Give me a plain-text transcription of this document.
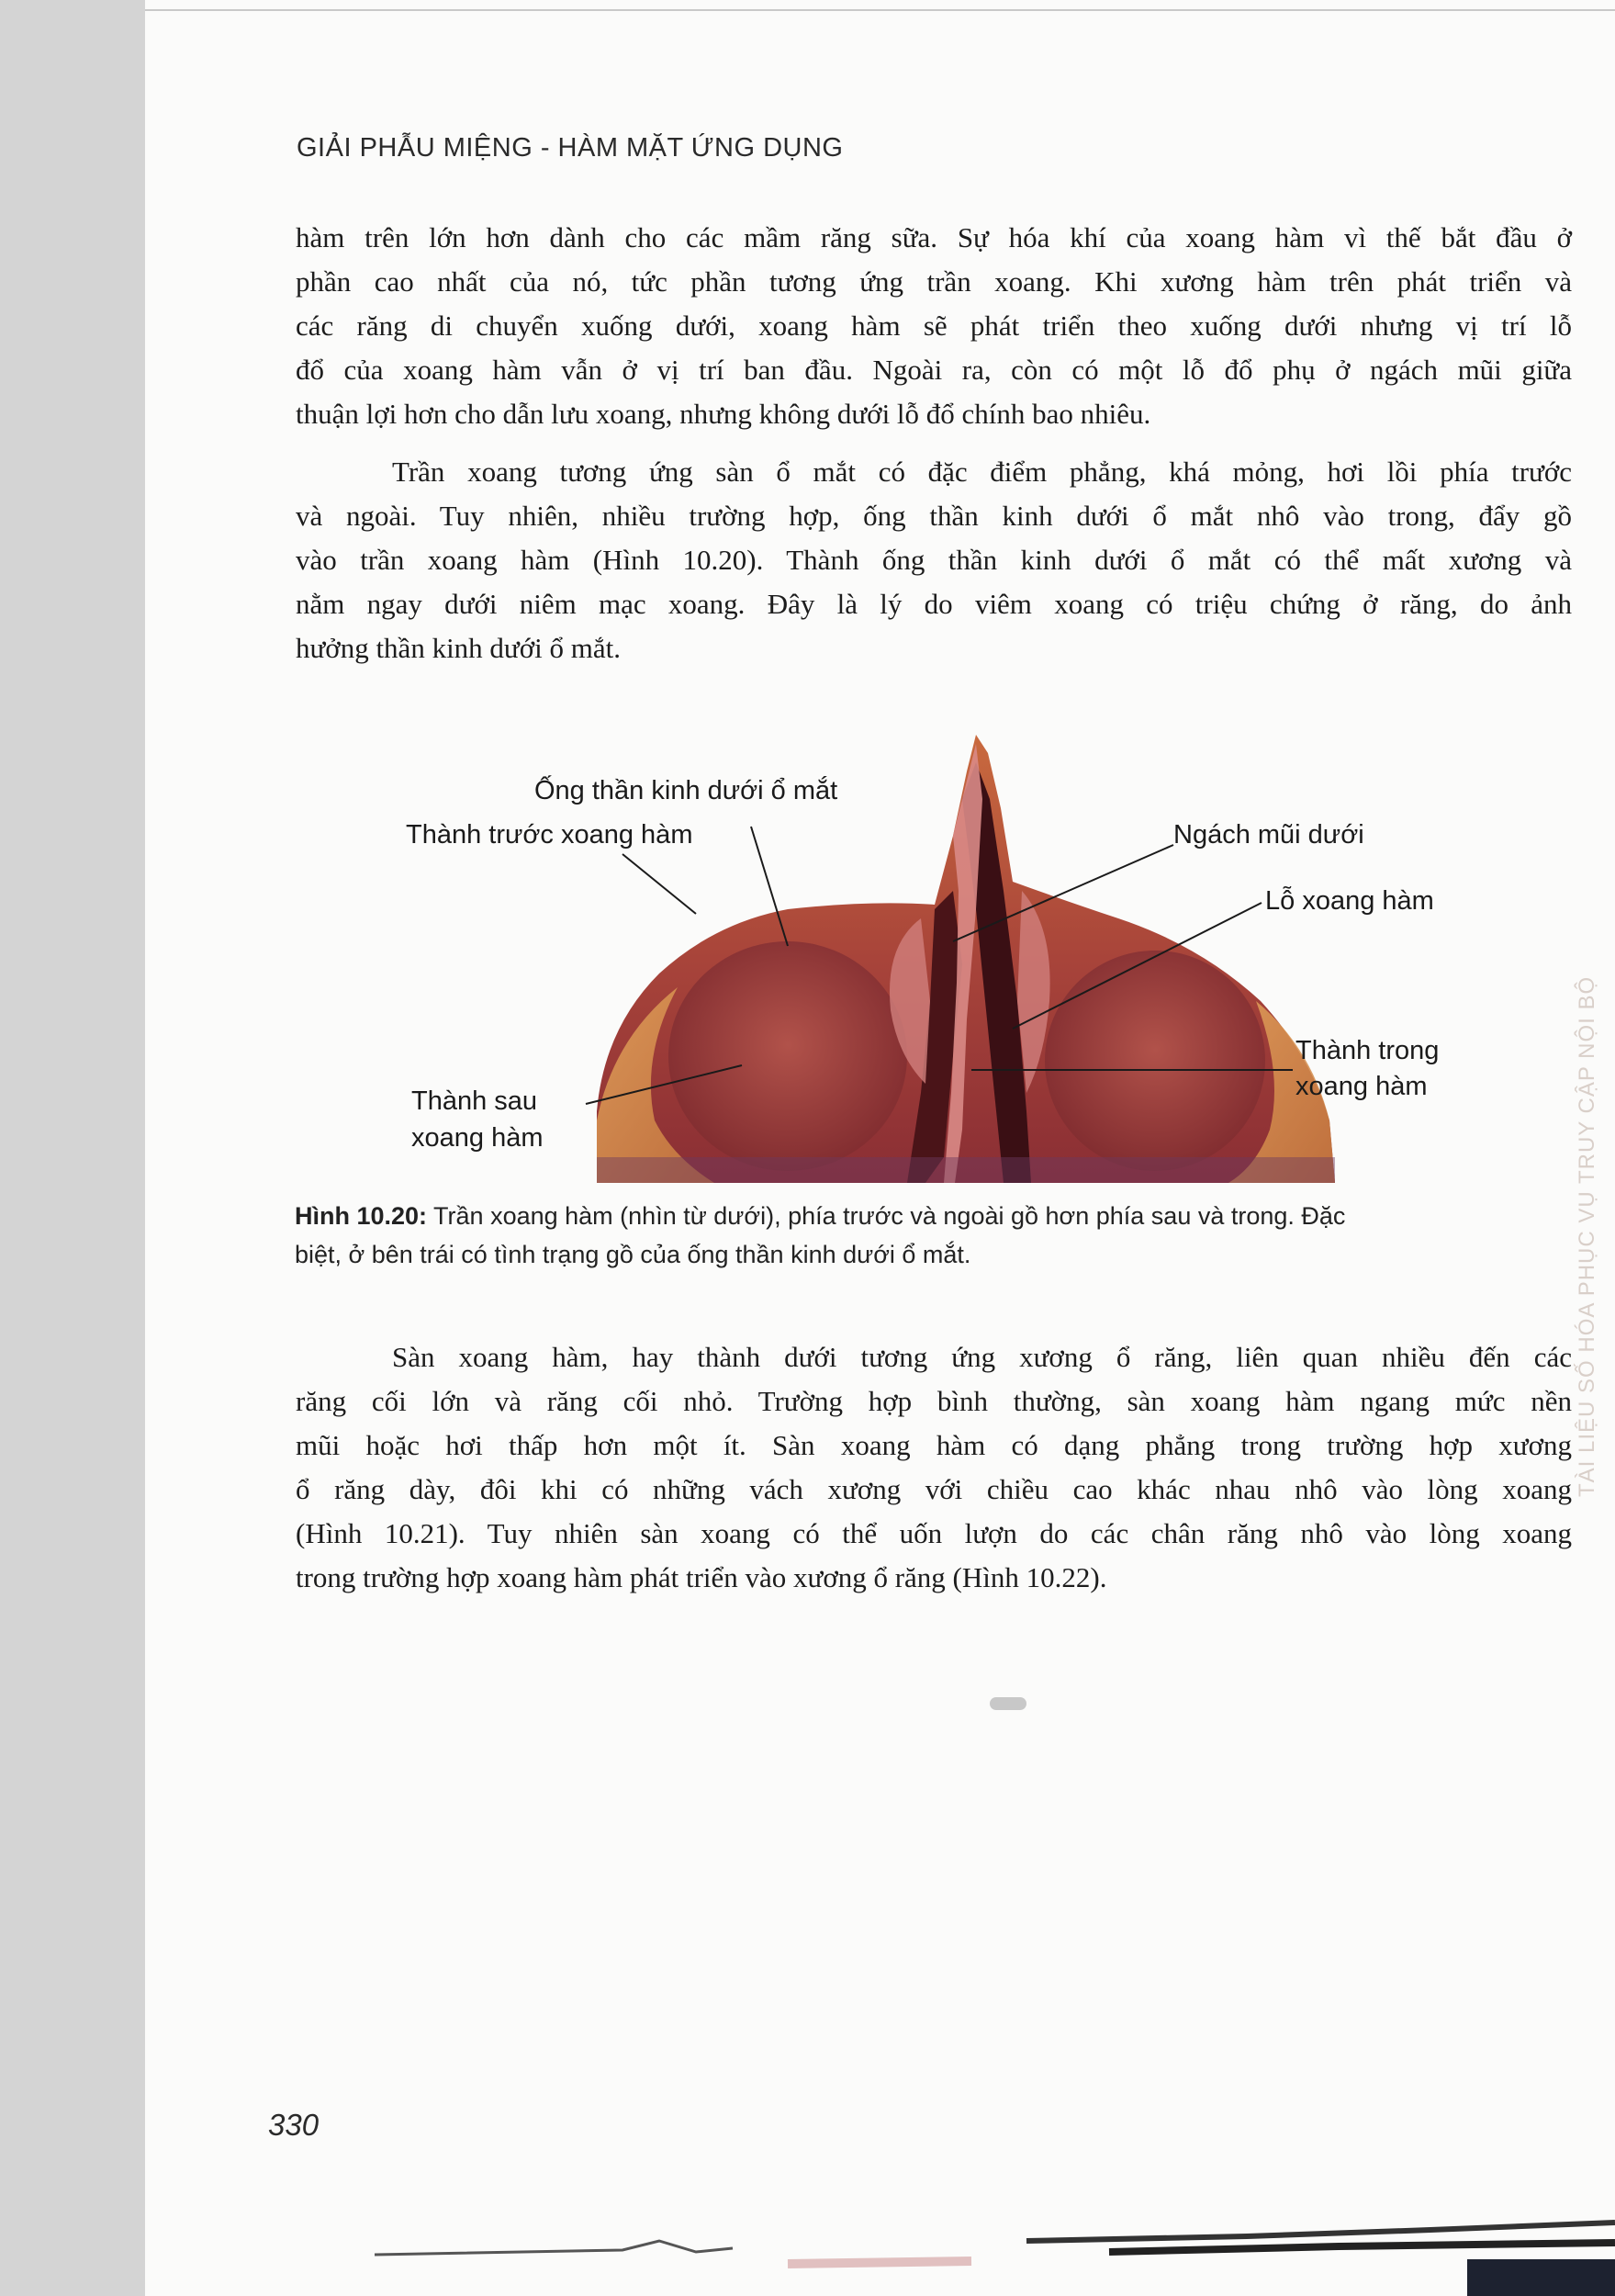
GIẢI PHẪU MIỆNG - HÀM MẶT ỨNG DỤNG

hàm trên lớn hơn dành cho các mầm răng sữa. Sự hóa khí của xoang hàm vì thế bắt đầu ở
phần cao nhất của nó, tức phần tương ứng trần xoang. Khi xương hàm trên phát triển và
các răng di chuyển xuống dưới, xoang hàm sẽ phát triển theo xuống dưới nhưng vị trí lỗ
đổ của xoang hàm vẫn ở vị trí ban đầu. Ngoài ra, còn có một lỗ đổ phụ ở ngách mũi giữa
thuận lợi hơn cho dẫn lưu xoang, nhưng không dưới lỗ đổ chính bao nhiêu.

Trần xoang tương ứng sàn ổ mắt có đặc điểm phẳng, khá mỏng, hơi lồi phía trước
và ngoài. Tuy nhiên, nhiều trường hợp, ống thần kinh dưới ổ mắt nhô vào trong, đẩy gồ
vào trần xoang hàm (Hình 10.20). Thành ống thần kinh dưới ổ mắt có thể mất xương và
nằm ngay dưới niêm mạc xoang. Đây là lý do viêm xoang có triệu chứng ở răng, do ảnh
hưởng thần kinh dưới ổ mắt.

Ống thần kinh dưới ổ mắt
Thành trước xoang hàm	Ngách mũi dưới
Lỗ xoang hàm
Thành trong
xoang hàm
Thành sau
xoang hàm

Hình 10.20: Trần xoang hàm (nhìn từ dưới), phía trước và ngoài gồ hơn phía sau và trong. Đặc
biệt, ở bên trái có tình trạng gồ của ống thần kinh dưới ổ mắt.

Sàn xoang hàm, hay thành dưới tương ứng xương ổ răng, liên quan nhiều đến các
răng cối lớn và răng cối nhỏ. Trường hợp bình thường, sàn xoang hàm ngang mức nền
mũi hoặc hơi thấp hơn một ít. Sàn xoang hàm có dạng phẳng trong trường hợp xương
ổ răng dày, đôi khi có những vách xương với chiều cao khác nhau nhô vào lòng xoang
(Hình 10.21). Tuy nhiên sàn xoang có thể uốn lượn do các chân răng nhô vào lòng xoang
trong trường hợp xoang hàm phát triển vào xương ổ răng (Hình 10.22).

330
TÀI LIỆU SỐ HÓA PHỤC VỤ TRUY CẬP NỘI BỘ
